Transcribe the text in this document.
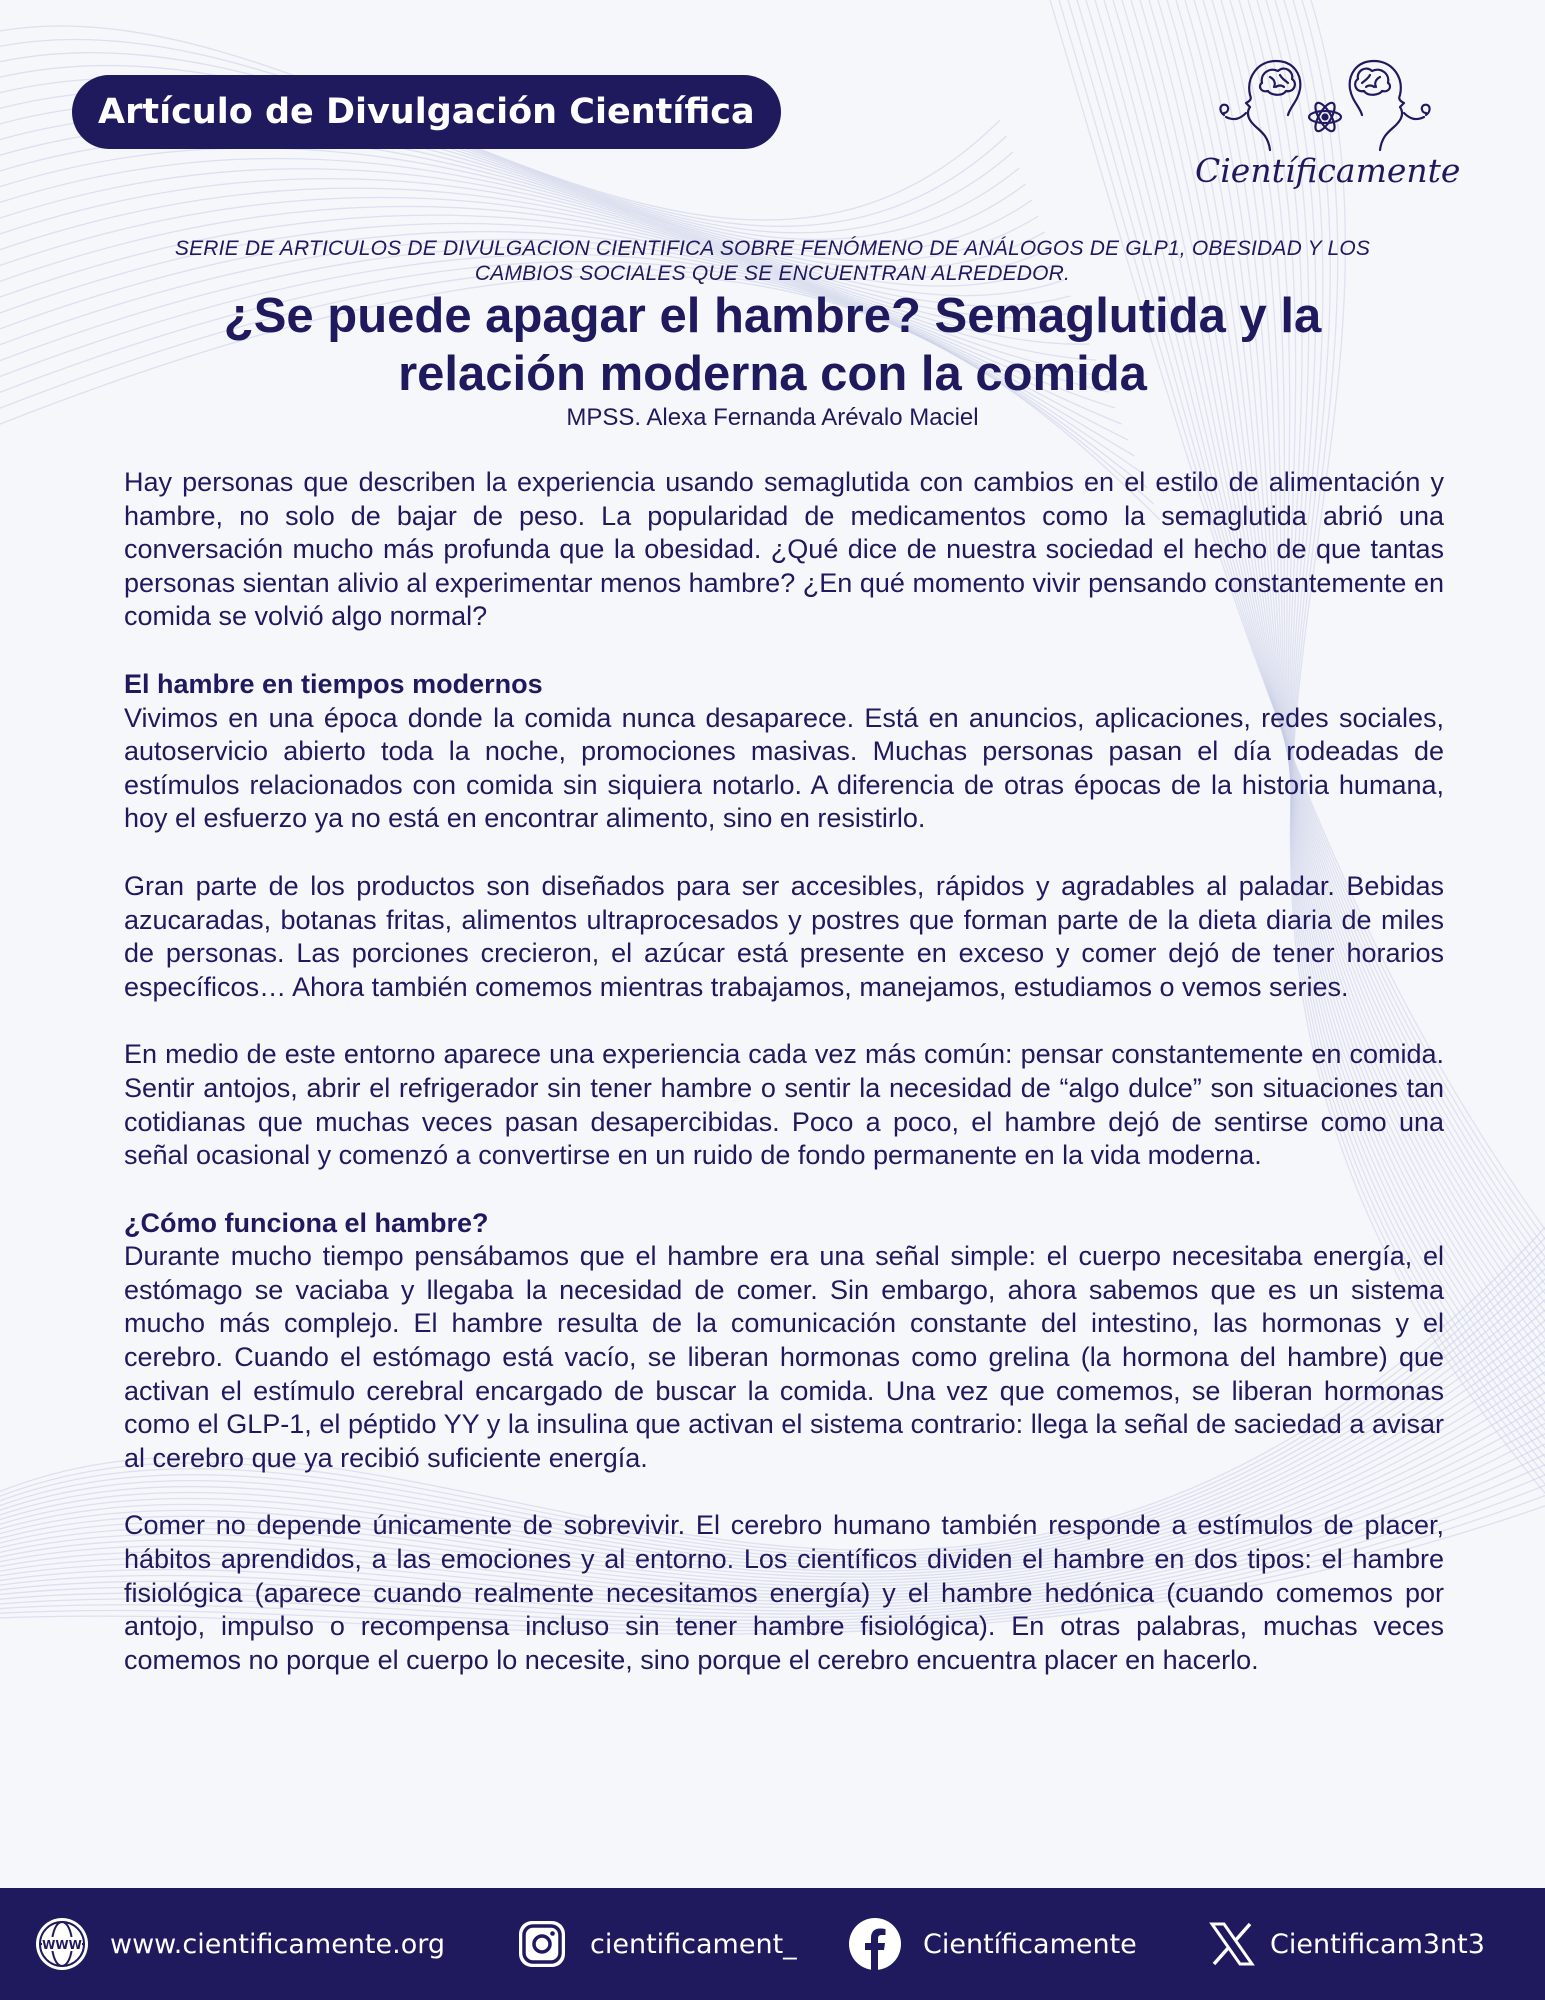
Artículo de Divulgación Científica
Científicamente
SERIE DE ARTICULOS DE DIVULGACION CIENTIFICA SOBRE FENÓMENO DE ANÁLOGOS DE GLP1, OBESIDAD Y LOS
CAMBIOS SOCIALES QUE SE ENCUENTRAN ALREDEDOR.
¿Se puede apagar el hambre? Semaglutida y la
relación moderna con la comida
MPSS. Alexa Fernanda Arévalo Maciel

Hay personas que describen la experiencia usando semaglutida con cambios en el estilo de alimentación y hambre, no solo de bajar de peso. La popularidad de medicamentos como la semaglutida abrió una conversación mucho más profunda que la obesidad. ¿Qué dice de nuestra sociedad el hecho de que tantas personas sientan alivio al experimentar menos hambre? ¿En qué momento vivir pensando constantemente en comida se volvió algo normal?

El hambre en tiempos modernos

Vivimos en una época donde la comida nunca desaparece. Está en anuncios, aplicaciones, redes sociales, autoservicio abierto toda la noche, promociones masivas. Muchas personas pasan el día rodeadas de estímulos relacionados con comida sin siquiera notarlo. A diferencia de otras épocas de la historia humana, hoy el esfuerzo ya no está en encontrar alimento, sino en resistirlo.

Gran parte de los productos son diseñados para ser accesibles, rápidos y agradables al paladar. Bebidas azucaradas, botanas fritas, alimentos ultraprocesados y postres que forman parte de la dieta diaria de miles de personas. Las porciones crecieron, el azúcar está presente en exceso y comer dejó de tener horarios específicos… Ahora también comemos mientras trabajamos, manejamos, estudiamos o vemos series.

En medio de este entorno aparece una experiencia cada vez más común: pensar constantemente en comida. Sentir antojos, abrir el refrigerador sin tener hambre o sentir la necesidad de “algo dulce” son situaciones tan cotidianas que muchas veces pasan desapercibidas. Poco a poco, el hambre dejó de sentirse como una señal ocasional y comenzó a convertirse en un ruido de fondo permanente en la vida moderna.

¿Cómo funciona el hambre?

Durante mucho tiempo pensábamos que el hambre era una señal simple: el cuerpo necesitaba energía, el estómago se vaciaba y llegaba la necesidad de comer. Sin embargo, ahora sabemos que es un sistema mucho más complejo. El hambre resulta de la comunicación constante del intestino, las hormonas y el cerebro. Cuando el estómago está vacío, se liberan hormonas como grelina (la hormona del hambre) que activan el estímulo cerebral encargado de buscar la comida. Una vez que comemos, se liberan hormonas como el GLP-1, el péptido YY y la insulina que activan el sistema contrario: llega la señal de saciedad a avisar al cerebro que ya recibió suficiente energía.

Comer no depende únicamente de sobrevivir. El cerebro humano también responde a estímulos de placer, hábitos aprendidos, a las emociones y al entorno. Los científicos dividen el hambre en dos tipos: el hambre fisiológica (aparece cuando realmente necesitamos energía) y el hambre hedónica (cuando comemos por antojo, impulso o recompensa incluso sin tener hambre fisiológica). En otras palabras, muchas veces comemos no porque el cuerpo lo necesite, sino porque el cerebro encuentra placer en hacerlo.

WWW www.cientificamente.org	cientificament_	Científicamente	Cientificam3nt3
